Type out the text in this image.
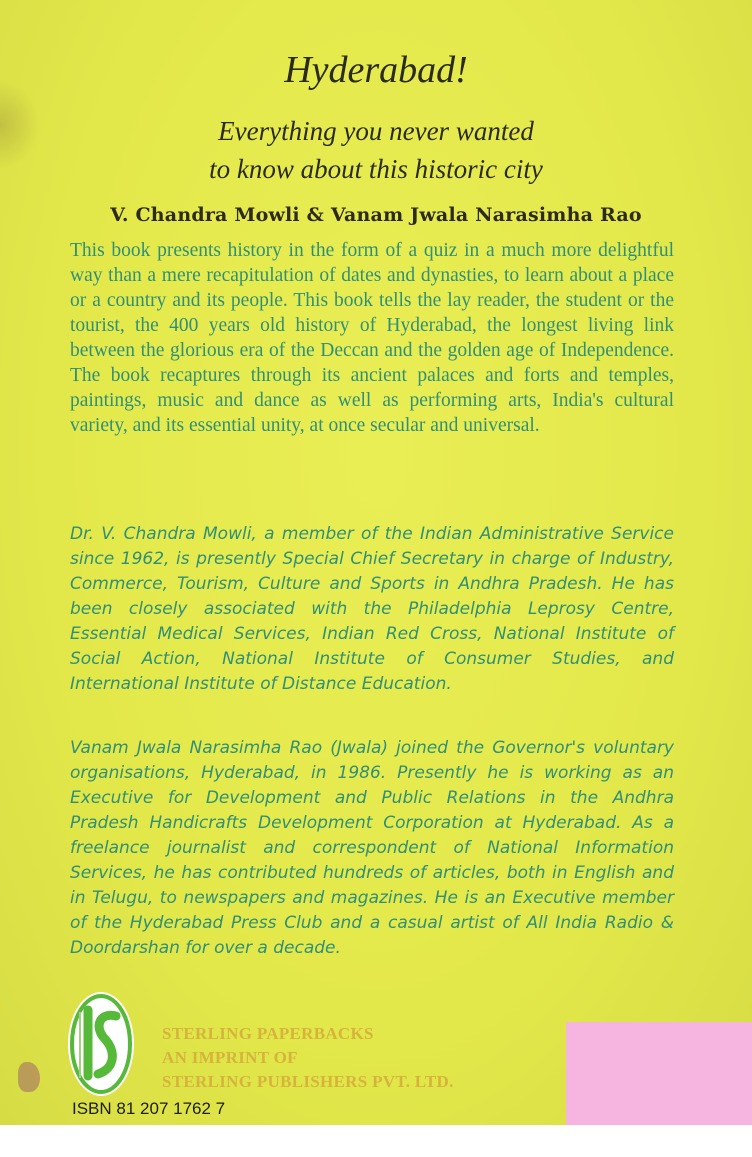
Hyderabad!
Everything you never wanted
to know about this historic city
V. Chandra Mowli & Vanam Jwala Narasimha Rao

This book presents history in the form of a quiz in a much more delightful way than a mere recapitulation of dates and dynasties, to learn about a place or a country and its people. This book tells the lay reader, the student or the tourist, the 400 years old history of Hyderabad, the longest living link between the glorious era of the Deccan and the golden age of Independence. The book recaptures through its ancient palaces and forts and temples, paintings, music and dance as well as performing arts, India's cultural variety, and its essential unity, at once secular and universal.

Dr. V. Chandra Mowli, a member of the Indian Administrative Service since 1962, is presently Special Chief Secretary in charge of Industry, Commerce, Tourism, Culture and Sports in Andhra Pradesh. He has been closely associated with the Philadelphia Leprosy Centre, Essential Medical Services, Indian Red Cross, National Institute of Social Action, National Institute of Consumer Studies, and International Institute of Distance Education.

Vanam Jwala Narasimha Rao (Jwala) joined the Governor's voluntary organisations, Hyderabad, in 1986. Presently he is working as an Executive for Development and Public Relations in the Andhra Pradesh Handicrafts Development Corporation at Hyderabad. As a freelance journalist and correspondent of National Information Services, he has contributed hundreds of articles, both in English and in Telugu, to newspapers and magazines. He is an Executive member of the Hyderabad Press Club and a casual artist of All India Radio & Doordarshan for over a decade.

STERLING PAPERBACKS
AN IMPRINT OF
STERLING PUBLISHERS PVT. LTD.

ISBN 81 207 1762 7
